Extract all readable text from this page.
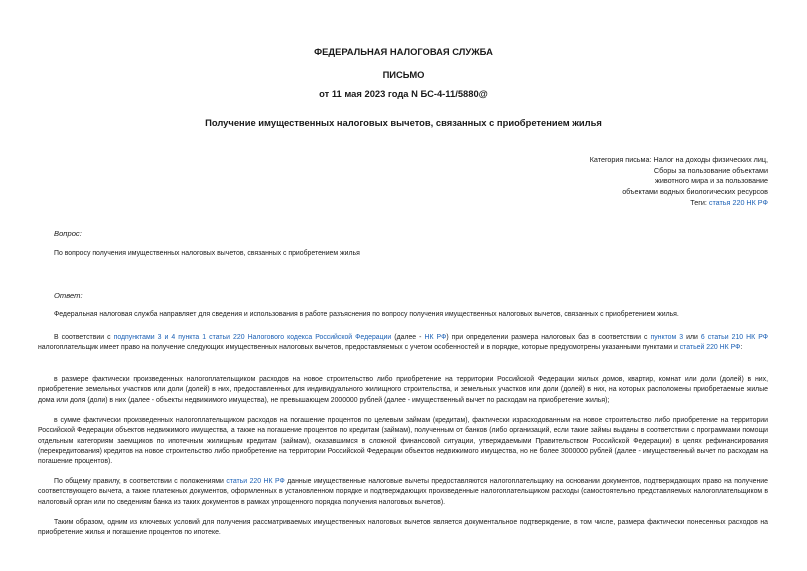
ФЕДЕРАЛЬНАЯ НАЛОГОВАЯ СЛУЖБА
ПИСЬМО
от 11 мая 2023 года N БС-4-11/5880@
Получение имущественных налоговых вычетов, связанных с приобретением жилья
Категория письма: Налог на доходы физических лиц,
Сборы за пользование объектами
животного мира и за пользование
объектами водных биологических ресурсов
Теги: статья 220 НК РФ
Вопрос:

По вопросу получения имущественных налоговых вычетов, связанных с приобретением жилья

Ответ:

Федеральная налоговая служба направляет для сведения и использования в работе разъяснения по вопросу получения имущественных налоговых вычетов, связанных с приобретением жилья.

В соответствии с подпунктами 3 и 4 пункта 1 статьи 220 Налогового кодекса Российской Федерации (далее - НК РФ) при определении размера налоговых баз в соответствии с пунктом 3 или 6 статьи 210 НК РФ налогоплательщик имеет право на получение следующих имущественных налоговых вычетов, предоставляемых с учетом особенностей и в порядке, которые предусмотрены указанными пунктами и статьей 220 НК РФ:

в размере фактически произведенных налогоплательщиком расходов на новое строительство либо приобретение на территории Российской Федерации жилых домов, квартир, комнат или доли (долей) в них, приобретение земельных участков или доли (долей) в них, предоставленных для индивидуального жилищного строительства, и земельных участков или доли (долей) в них, на которых расположены приобретаемые жилые дома или доля (доли) в них (далее - объекты недвижимого имущества), не превышающем 2000000 рублей (далее - имущественный вычет по расходам на приобретение жилья);

в сумме фактически произведенных налогоплательщиком расходов на погашение процентов по целевым займам (кредитам), фактически израсходованным на новое строительство либо приобретение на территории Российской Федерации объектов недвижимого имущества, а также на погашение процентов по кредитам (займам), полученным от банков (либо организаций, если такие займы выданы в соответствии с программами помощи отдельным категориям заемщиков по ипотечным жилищным кредитам (займам), оказавшимся в сложной финансовой ситуации, утверждаемыми Правительством Российской Федерации) в целях рефинансирования (перекредитования) кредитов на новое строительство либо приобретение на территории Российской Федерации объектов недвижимого имущества, но не более 3000000 рублей (далее - имущественный вычет по расходам на погашение процентов).

По общему правилу, в соответствии с положениями статьи 220 НК РФ данные имущественные налоговые вычеты предоставляются налогоплательщику на основании документов, подтверждающих право на получение соответствующего вычета, а также платежных документов, оформленных в установленном порядке и подтверждающих произведенные налогоплательщиком расходы (самостоятельно представляемых налогоплательщиком в налоговый орган или по сведениям банка из таких документов в рамках упрощенного порядка получения налоговых вычетов).

Таким образом, одним из ключевых условий для получения рассматриваемых имущественных налоговых вычетов является документальное подтверждение, в том числе, размера фактически понесенных расходов на приобретение жилья и погашение процентов по ипотеке.
